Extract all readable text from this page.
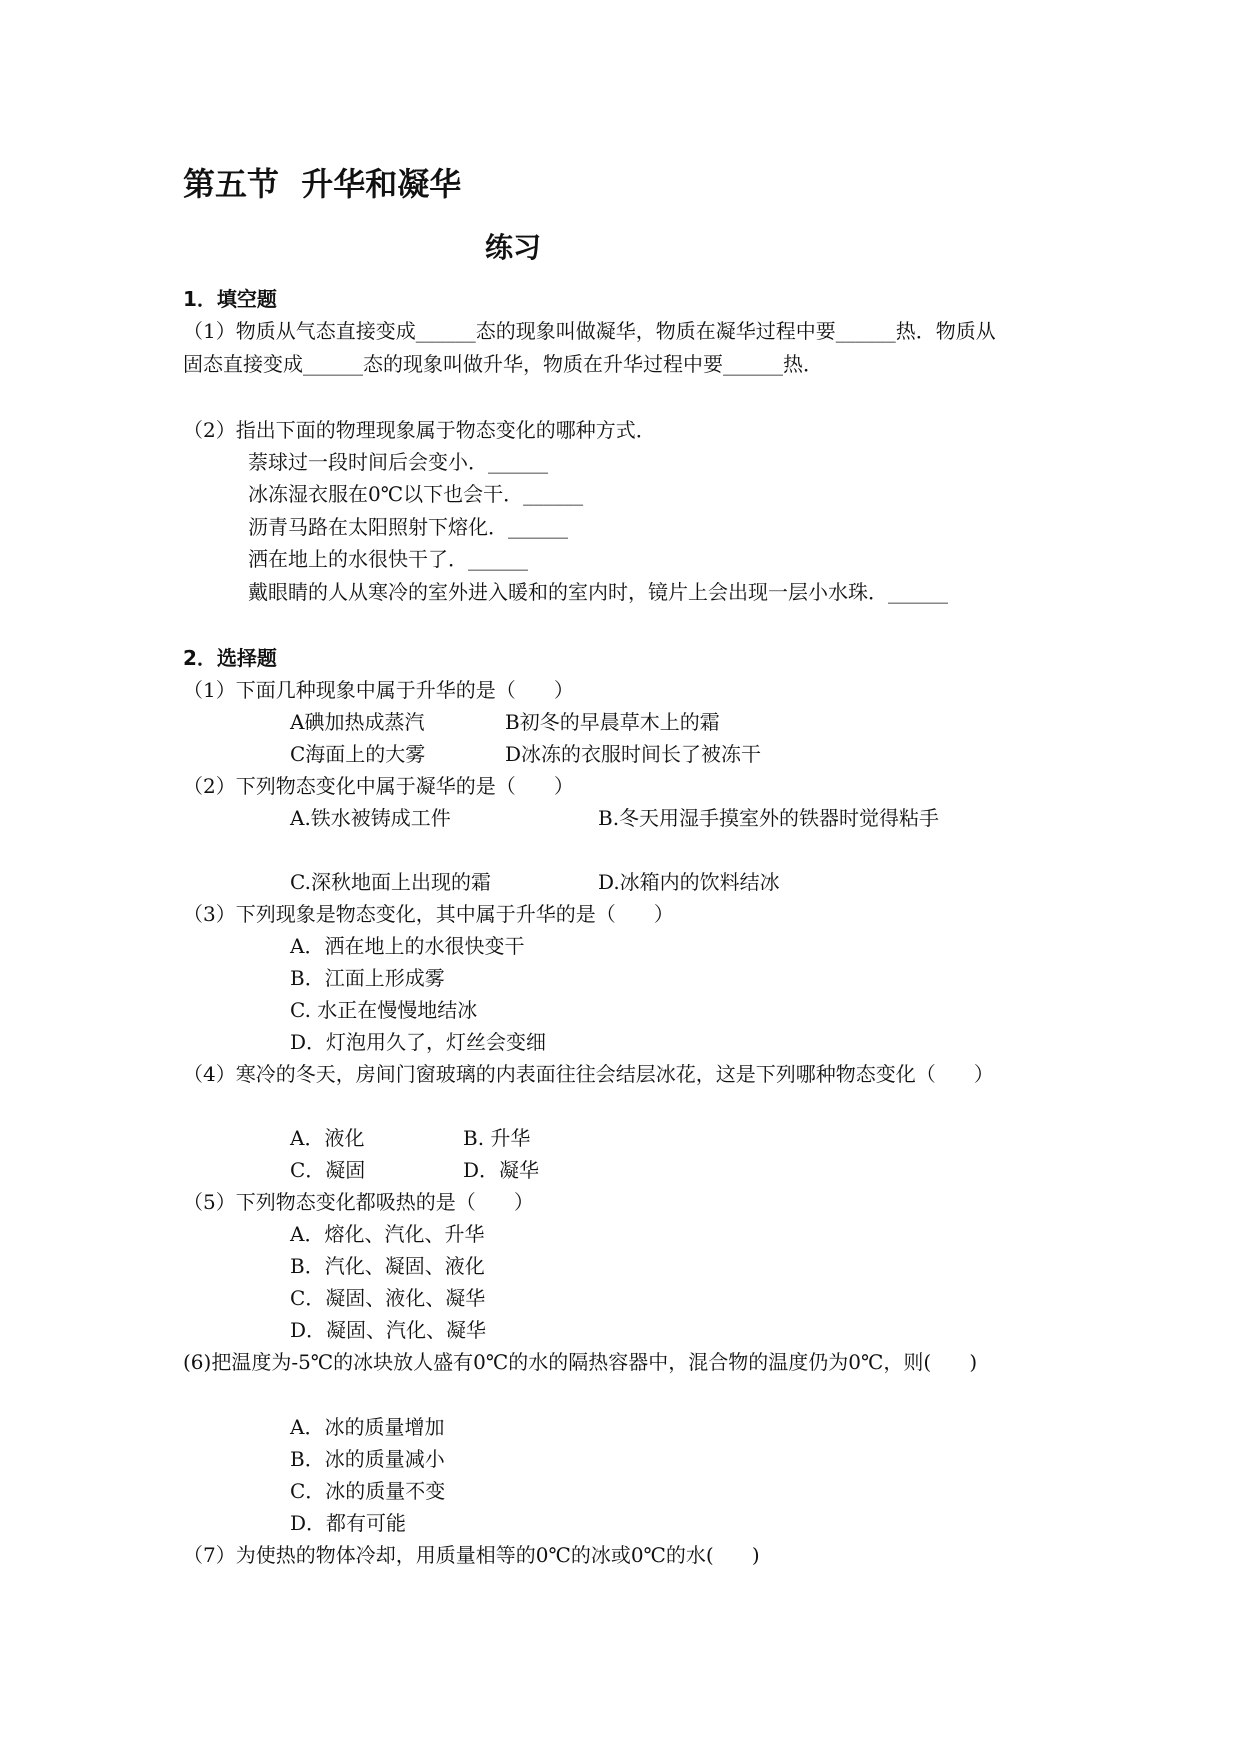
第五节  升华和凝华
练习
1．填空题
（1）物质从气态直接变成______态的现象叫做凝华，物质在凝华过程中要______热．物质从
固态直接变成______态的现象叫做升华，物质在升华过程中要______热．
（2）指出下面的物理现象属于物态变化的哪种方式．
萘球过一段时间后会变小．______
冰冻湿衣服在0℃以下也会干．______
沥青马路在太阳照射下熔化．______
洒在地上的水很快干了．______
戴眼睛的人从寒冷的室外进入暖和的室内时，镜片上会出现一层小水珠．______
2．选择题
（1）下面几种现象中属于升华的是（      ）
A碘加热成蒸汽	B初冬的早晨草木上的霜
C海面上的大雾	D冰冻的衣服时间长了被冻干
（2）下列物态变化中属于凝华的是（      ）
A.铁水被铸成工件	B.冬天用湿手摸室外的铁器时觉得粘手
C.深秋地面上出现的霜	D.冰箱内的饮料结冰
（3）下列现象是物态变化，其中属于升华的是（      ）
A．洒在地上的水很快变干
B．江面上形成雾
C. 水正在慢慢地结冰
D．灯泡用久了，灯丝会变细
（4）寒冷的冬天，房间门窗玻璃的内表面往往会结层冰花，这是下列哪种物态变化（      ）
A．液化	B. 升华
C．凝固	D．凝华
（5）下列物态变化都吸热的是（      ）
A．熔化、汽化、升华
B．汽化、凝固、液化
C．凝固、液化、凝华
D．凝固、汽化、凝华
(6)把温度为-5℃的冰块放人盛有0℃的水的隔热容器中，混合物的温度仍为0℃，则(      )
A．冰的质量增加
B．冰的质量减小
C．冰的质量不变
D．都有可能
（7）为使热的物体冷却，用质量相等的0℃的冰或0℃的水(      )
